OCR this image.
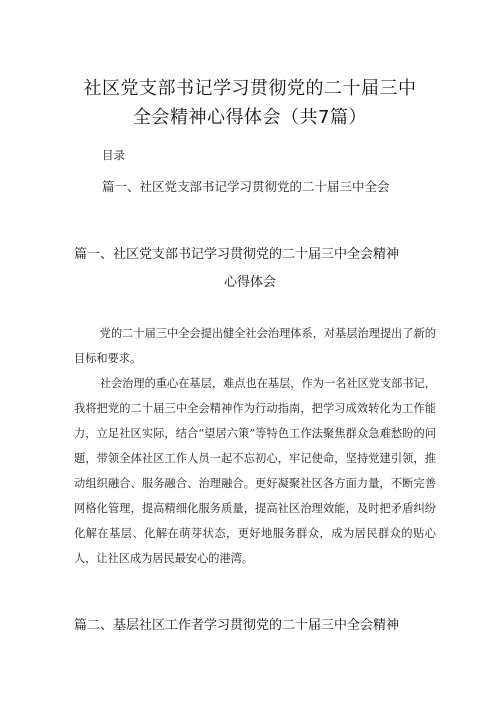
社区党支部书记学习贯彻党的二十届三中
全会精神心得体会（共7篇）
目录
篇一、社区党支部书记学习贯彻党的二十届三中全会
篇一、社区党支部书记学习贯彻党的二十届三中全会精神
心得体会

党的二十届三中全会提出健全社会治理体系，对基层治理提出了新的目标和要求。

社会治理的重心在基层，难点也在基层，作为一名社区党支部书记，我将把党的二十届三中全会精神作为行动指南，把学习成效转化为工作能力，立足社区实际，结合“望居六策”等特色工作法聚焦群众急难愁盼的问题，带领全体社区工作人员一起不忘初心，牢记使命，坚持党建引领，推动组织融合、服务融合、治理融合。更好凝聚社区各方面力量，不断完善网格化管理，提高精细化服务质量，提高社区治理效能，及时把矛盾纠纷化解在基层、化解在萌芽状态，更好地服务群众，成为居民群众的贴心人，让社区成为居民最安心的港湾。

篇二、基层社区工作者学习贯彻党的二十届三中全会精神
